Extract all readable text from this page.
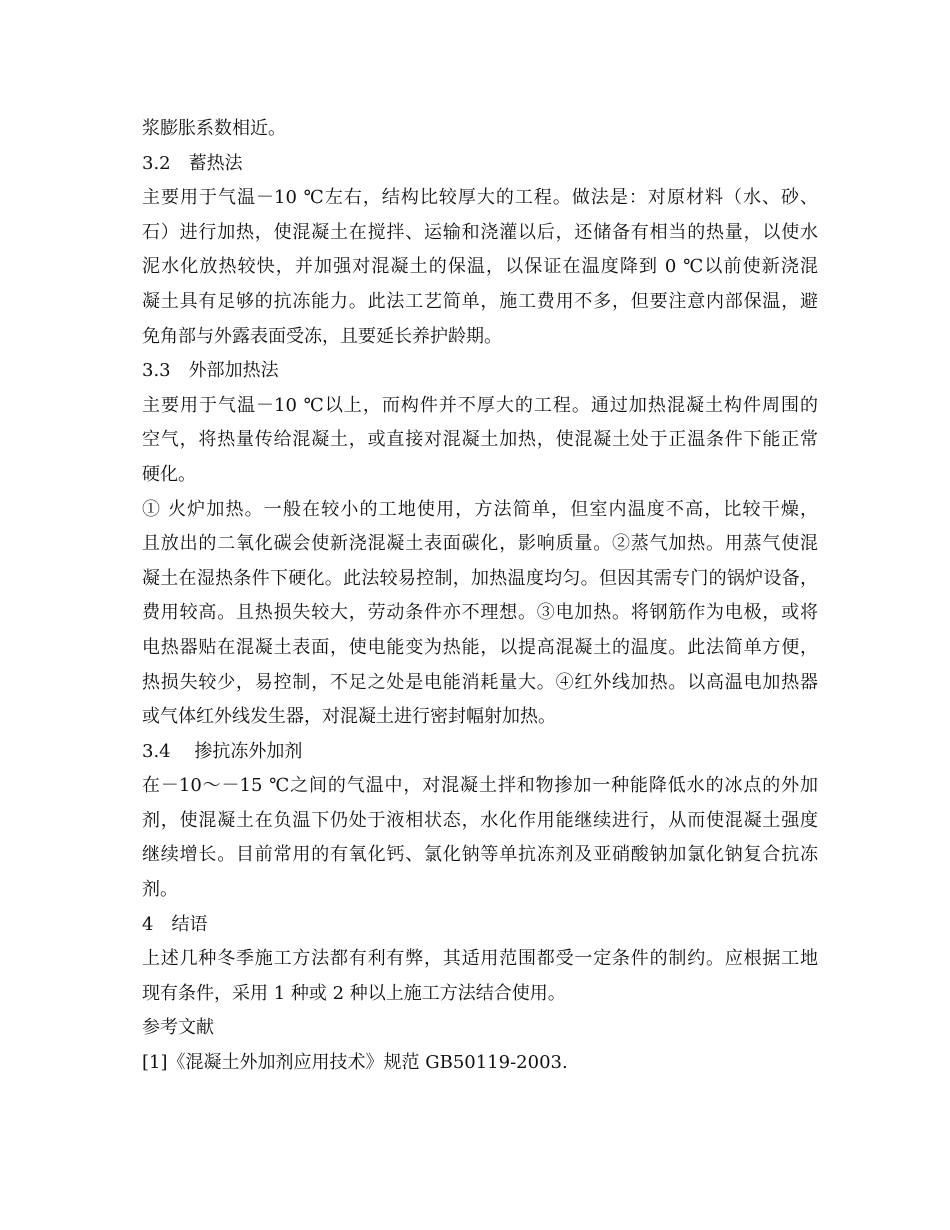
浆膨胀系数相近。
3.2　蓄热法
主要用于气温－10 ℃左右，结构比较厚大的工程。做法是：对原材料（水、砂、
石）进行加热，使混凝土在搅拌、运输和浇灌以后，还储备有相当的热量，以使水
泥水化放热较快，并加强对混凝土的保温，以保证在温度降到 0 ℃以前使新浇混
凝土具有足够的抗冻能力。此法工艺简单，施工费用不多，但要注意内部保温，避
免角部与外露表面受冻，且要延长养护龄期。
3.3　外部加热法
主要用于气温－10 ℃以上，而构件并不厚大的工程。通过加热混凝土构件周围的
空气，将热量传给混凝土，或直接对混凝土加热，使混凝土处于正温条件下能正常
硬化。
① 火炉加热。一般在较小的工地使用，方法简单，但室内温度不高，比较干燥，
且放出的二氧化碳会使新浇混凝土表面碳化，影响质量。②蒸气加热。用蒸气使混
凝土在湿热条件下硬化。此法较易控制，加热温度均匀。但因其需专门的锅炉设备，
费用较高。且热损失较大，劳动条件亦不理想。③电加热。将钢筋作为电极，或将
电热器贴在混凝土表面，使电能变为热能，以提高混凝土的温度。此法简单方便，
热损失较少，易控制，不足之处是电能消耗量大。④红外线加热。以高温电加热器
或气体红外线发生器，对混凝土进行密封幅射加热。
3.4　 掺抗冻外加剂
在－10～－15 ℃之间的气温中，对混凝土拌和物掺加一种能降低水的冰点的外加
剂，使混凝土在负温下仍处于液相状态，水化作用能继续进行，从而使混凝土强度
继续增长。目前常用的有氧化钙、氯化钠等单抗冻剂及亚硝酸钠加氯化钠复合抗冻
剂。
4　结语
上述几种冬季施工方法都有利有弊，其适用范围都受一定条件的制约。应根据工地
现有条件，采用 1 种或 2 种以上施工方法结合使用。
参考文献
[1]《混凝土外加剂应用技术》规范 GB50119-2003.
